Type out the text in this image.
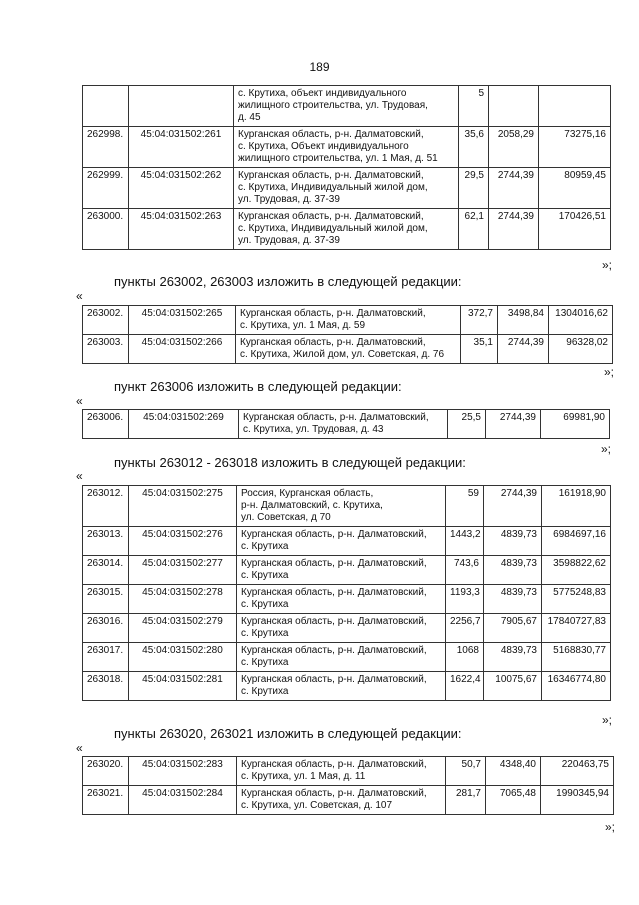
189

		с. Крутиха, объект индивидуального
жилищного строительства, ул. Трудовая,
д. 45	5		
262998.	45:04:031502:261	Курганская область, р-н. Далматовский,
с. Крутиха, Объект индивидуального
жилищного строительства, ул. 1 Мая, д. 51	35,6	2058,29	73275,16
262999.	45:04:031502:262	Курганская область, р-н. Далматовский,
с. Крутиха, Индивидуальный жилой дом,
ул. Трудовая, д. 37-39	29,5	2744,39	80959,45
263000.	45:04:031502:263	Курганская область, р-н. Далматовский,
с. Крутиха, Индивидуальный жилой дом,
ул. Трудовая, д. 37-39	62,1	2744,39	170426,51
»;
пункты 263002, 263003 изложить в следующей редакции:
«
263002.	45:04:031502:265	Курганская область, р-н. Далматовский,
с. Крутиха, ул. 1 Мая, д. 59	372,7	3498,84	1304016,62
263003.	45:04:031502:266	Курганская область, р-н. Далматовский,
с. Крутиха, Жилой дом, ул. Советская, д. 76	35,1	2744,39	96328,02
»;
пункт 263006 изложить в следующей редакции:
«
263006.	45:04:031502:269	Курганская область, р-н. Далматовский,
с. Крутиха, ул. Трудовая, д. 43
	25,5	2744,39	69981,90
»;
пункты 263012 - 263018 изложить в следующей редакции:
«
263012.	45:04:031502:275	Россия, Курганская область,
р-н. Далматовский, с. Крутиха,
ул. Советская, д 70	59	2744,39	161918,90
263013.	45:04:031502:276	Курганская область, р-н. Далматовский,
с. Крутиха	1443,2	4839,73	6984697,16
263014.	45:04:031502:277	Курганская область, р-н. Далматовский,
с. Крутиха	743,6	4839,73	3598822,62
263015.	45:04:031502:278	Курганская область, р-н. Далматовский,
с. Крутиха	1193,3	4839,73	5775248,83
263016.	45:04:031502:279	Курганская область, р-н. Далматовский,
с. Крутиха	2256,7	7905,67	17840727,83
263017.	45:04:031502:280	Курганская область, р-н. Далматовский,
с. Крутиха	1068	4839,73	5168830,77
263018.	45:04:031502:281	Курганская область, р-н. Далматовский,
с. Крутиха	1622,4	10075,67	16346774,80
»;
пункты 263020, 263021 изложить в следующей редакции:
«
263020.	45:04:031502:283	Курганская область, р-н. Далматовский,
с. Крутиха, ул. 1 Мая, д. 11	50,7	4348,40	220463,75
263021.	45:04:031502:284	Курганская область, р-н. Далматовский,
с. Крутиха, ул. Советская, д. 107	281,7	7065,48	1990345,94
»;
